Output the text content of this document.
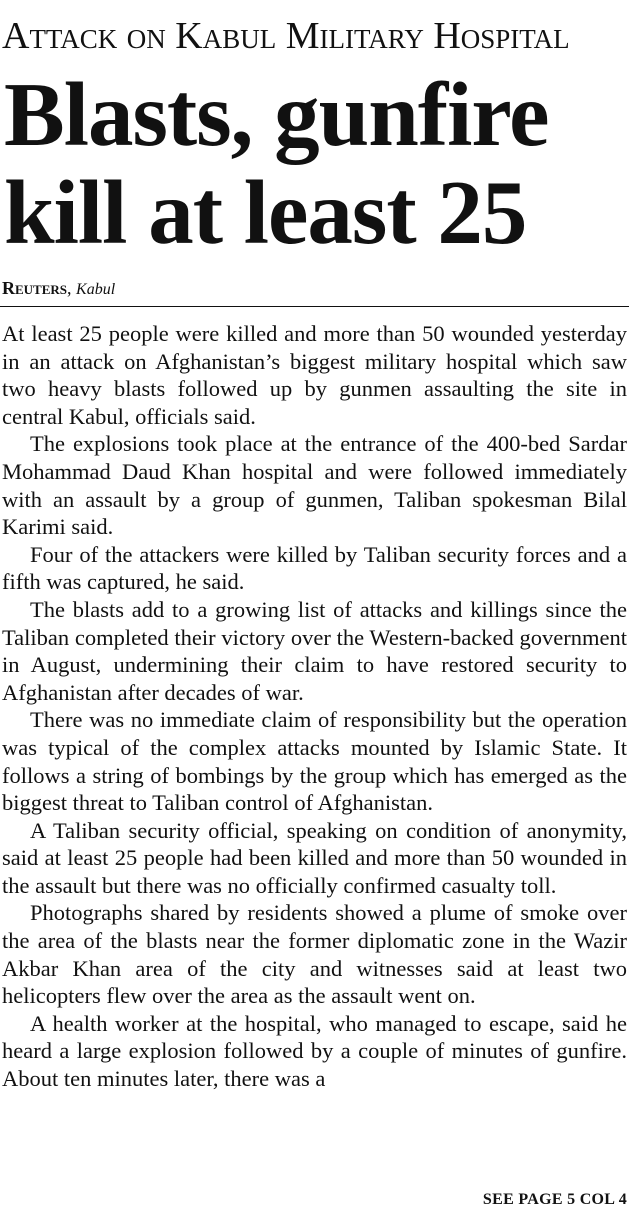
Attack on Kabul Military Hospital
Blasts, gunfire
kill at least 25
Reuters, Kabul

At least 25 people were killed and more than 50 wounded yesterday in an attack on Afghanistan’s biggest military hospital which saw two heavy blasts followed up by gunmen assaulting the site in central Kabul, officials said.

The explosions took place at the entrance of the 400-bed Sardar Mohammad Daud Khan hospital and were followed immediately with an assault by a group of gunmen, Taliban spokesman Bilal Karimi said.

Four of the attackers were killed by Taliban security forces and a fifth was captured, he said.

The blasts add to a growing list of attacks and killings since the Taliban completed their victory over the Western-backed government in August, undermining their claim to have restored security to Afghanistan after decades of war.

There was no immediate claim of responsibility but the operation was typical of the complex attacks mounted by Islamic State. It follows a string of bombings by the group which has emerged as the biggest threat to Taliban control of Afghanistan.

A Taliban security official, speaking on condition of anonymity, said at least 25 people had been killed and more than 50 wounded in the assault but there was no officially confirmed casualty toll.

Photographs shared by residents showed a plume of smoke over the area of the blasts near the former diplomatic zone in the Wazir Akbar Khan area of the city and witnesses said at least two helicopters flew over the area as the assault went on.

A health worker at the hospital, who managed to escape, said he heard a large explosion followed by a couple of minutes of gunfire. About ten minutes later, there was a

SEE PAGE 5 COL 4
